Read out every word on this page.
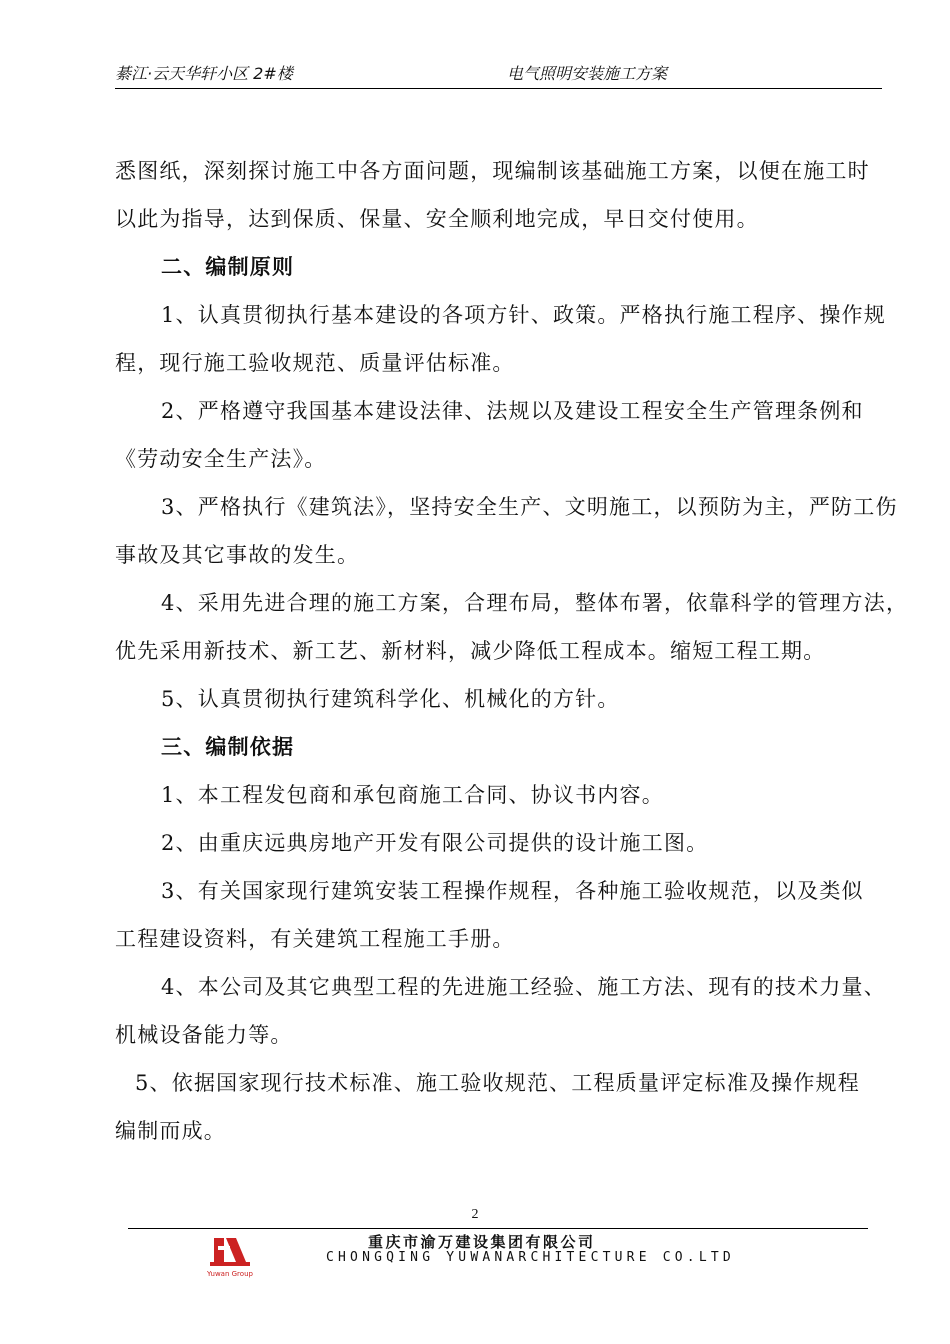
綦江·云天华轩小区 2#楼	电气照明安装施工方案

悉图纸，深刻探讨施工中各方面问题，现编制该基础施工方案，以便在施工时

以此为指导，达到保质、保量、安全顺利地完成，早日交付使用。

二、编制原则

1、认真贯彻执行基本建设的各项方针、政策。严格执行施工程序、操作规

程，现行施工验收规范、质量评估标准。

2、严格遵守我国基本建设法律、法规以及建设工程安全生产管理条例和

《劳动安全生产法》。

3、严格执行《建筑法》，坚持安全生产、文明施工，以预防为主，严防工伤

事故及其它事故的发生。

4、采用先进合理的施工方案，合理布局，整体布署，依靠科学的管理方法，

优先采用新技术、新工艺、新材料，减少降低工程成本。缩短工程工期。

5、认真贯彻执行建筑科学化、机械化的方针。

三、编制依据

1、本工程发包商和承包商施工合同、协议书内容。

2、由重庆远典房地产开发有限公司提供的设计施工图。

3、有关国家现行建筑安装工程操作规程，各种施工验收规范，以及类似

工程建设资料，有关建筑工程施工手册。

4、本公司及其它典型工程的先进施工经验、施工方法、现有的技术力量、

机械设备能力等。

5、依据国家现行技术标准、施工验收规范、工程质量评定标准及操作规程

编制而成。

2
Yuwan Group
重庆市渝万建设集团有限公司
CHONGQING YUWANARCHITECTURE CO.LTD
